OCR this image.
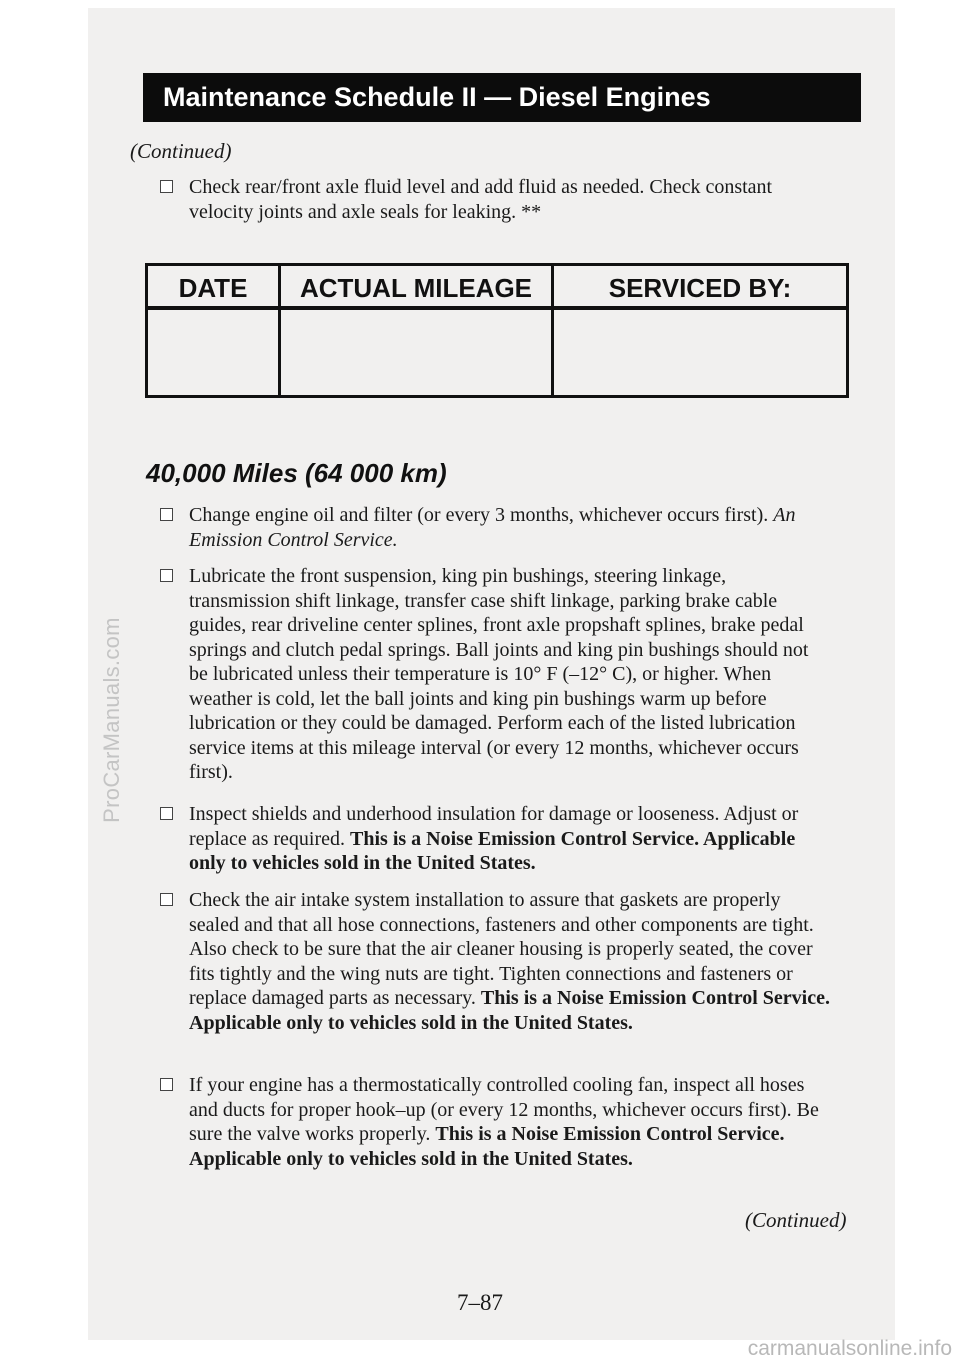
ProCarManuals.com
Maintenance Schedule II — Diesel Engines
(Continued)
Check rear/front axle fluid level and add fluid as needed. Check constant velocity joints and axle seals for leaking. **
DATE	ACTUAL MILEAGE	SERVICED BY:
40,000 Miles (64 000 km)
Change engine oil and filter (or every 3 months, whichever occurs first). An Emission Control Service.
Lubricate the front suspension, king pin bushings, steering linkage, transmission shift linkage, transfer case shift linkage, parking brake cable guides, rear driveline center splines, front axle propshaft splines, brake pedal springs and clutch pedal springs. Ball joints and king pin bushings should not be lubricated unless their temperature is 10° F (–12° C), or higher. When weather is cold, let the ball joints and king pin bushings warm up before lubrication or they could be damaged. Perform each of the listed lubrication service items at this mileage interval (or every 12 months, whichever occurs first).
Inspect shields and underhood insulation for damage or looseness. Adjust or replace as required. This is a Noise Emission Control Service. Applicable only to vehicles sold in the United States.
Check the air intake system installation to assure that gaskets are properly sealed and that all hose connections, fasteners and other components are tight. Also check to be sure that the air cleaner housing is properly seated, the cover fits tightly and the wing nuts are tight. Tighten connections and fasteners or replace damaged parts as necessary. This is a Noise Emission Control Service. Applicable only to vehicles sold in the United States.
If your engine has a thermostatically controlled cooling fan, inspect all hoses and ducts for proper hook–up (or every 12 months, whichever occurs first). Be sure the valve works properly. This is a Noise Emission Control Service. Applicable only to vehicles sold in the United States.
(Continued)
7–87
carmanualsonline.info
